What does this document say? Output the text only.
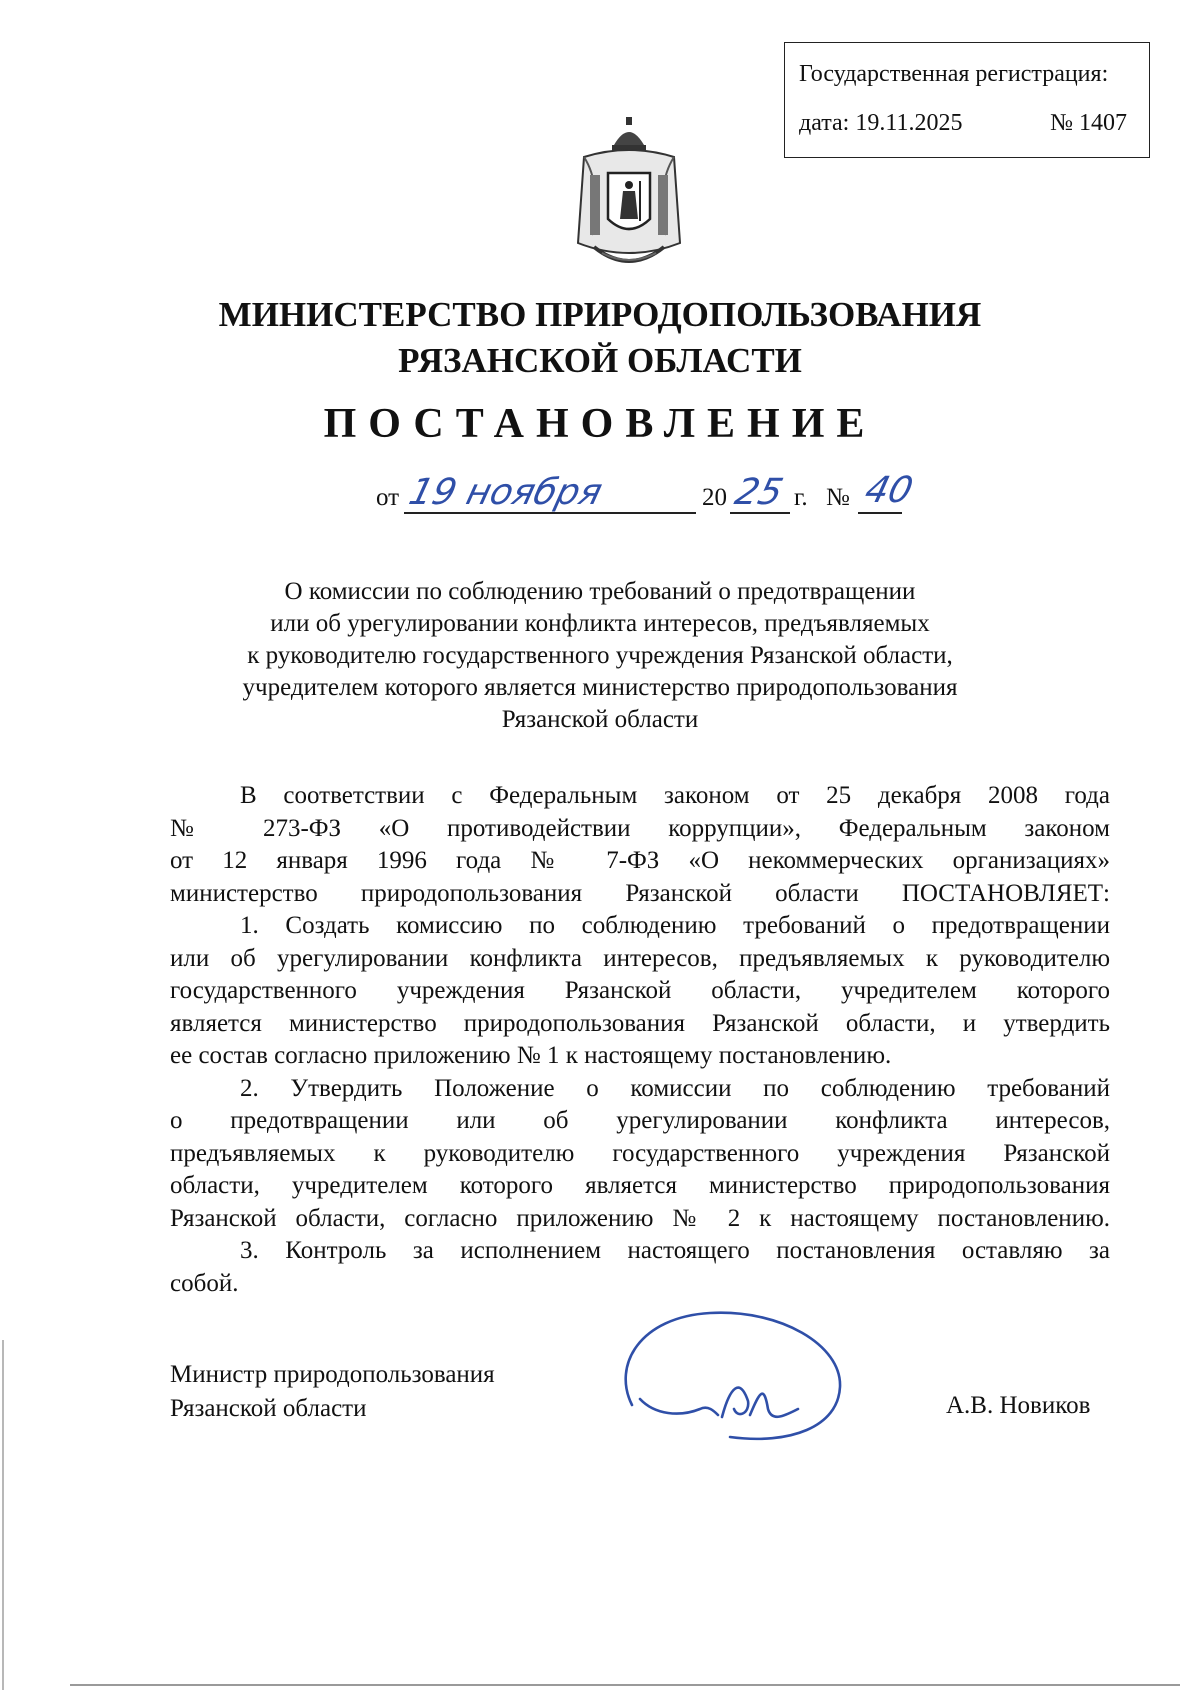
Государственная регистрация:
дата: 19.11.2025	№ 1407
МИНИСТЕРСТВО ПРИРОДОПОЛЬЗОВАНИЯ
РЯЗАНСКОЙ ОБЛАСТИ
ПОСТАНОВЛЕНИЕ
от 19 ноября	20 25 г. № 40
О комиссии по соблюдению требований о предотвращении
или об урегулировании конфликта интересов, предъявляемых
к руководителю государственного учреждения Рязанской области,
учредителем которого является министерство природопользования
Рязанской области
В соответствии с Федеральным законом от 25 декабря 2008 года
№ 273-ФЗ «О противодействии коррупции», Федеральным законом
от 12 января 1996 года № 7-ФЗ «О некоммерческих организациях»
министерство природопользования Рязанской области ПОСТАНОВЛЯЕТ:
1. Создать комиссию по соблюдению требований о предотвращении
или об урегулировании конфликта интересов, предъявляемых к руководителю
государственного учреждения Рязанской области, учредителем которого
является министерство природопользования Рязанской области, и утвердить
ее состав согласно приложению № 1 к настоящему постановлению.
2. Утвердить Положение о комиссии по соблюдению требований
о предотвращении или об урегулировании конфликта интересов,
предъявляемых к руководителю государственного учреждения Рязанской
области, учредителем которого является министерство природопользования
Рязанской области, согласно приложению № 2 к настоящему постановлению.
3. Контроль за исполнением настоящего постановления оставляю за
собой.
Министр природопользования
Рязанской области	А.В. Новиков
